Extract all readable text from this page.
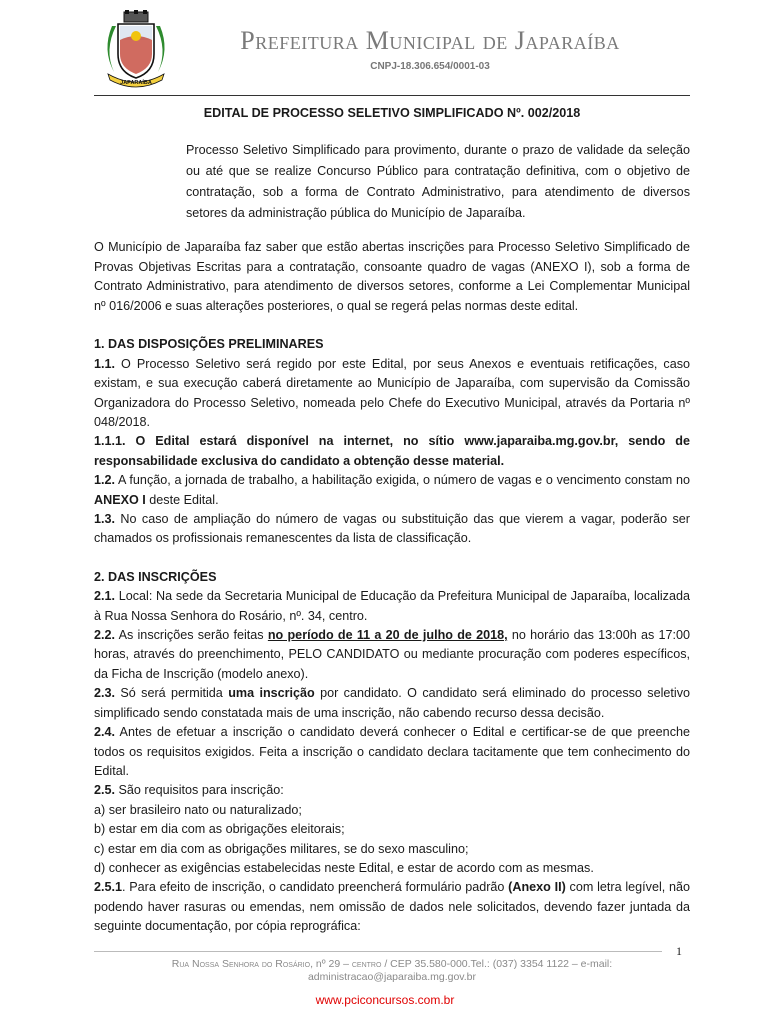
JAPARAÍBA
Prefeitura Municipal de Japaraíba
CNPJ-18.306.654/0001-03
EDITAL DE PROCESSO SELETIVO SIMPLIFICADO Nº. 002/2018
Processo Seletivo Simplificado para provimento, durante o prazo de validade da seleção ou até que se realize Concurso Público para contratação definitiva, com o objetivo de contratação, sob a forma de Contrato Administrativo, para atendimento de diversos setores da administração pública do Município de Japaraíba.
O Município de Japaraíba faz saber que estão abertas inscrições para Processo Seletivo Simplificado de Provas Objetivas Escritas para a contratação, consoante quadro de vagas (ANEXO I), sob a forma de Contrato Administrativo, para atendimento de diversos setores, conforme a Lei Complementar Municipal nº 016/2006 e suas alterações posteriores, o qual se regerá pelas normas deste edital.
1. DAS DISPOSIÇÕES PRELIMINARES

1.1. O Processo Seletivo será regido por este Edital, por seus Anexos e eventuais retificações, caso existam, e sua execução caberá diretamente ao Município de Japaraíba, com supervisão da Comissão Organizadora do Processo Seletivo, nomeada pelo Chefe do Executivo Municipal, através da Portaria nº 048/2018.

1.1.1. O Edital estará disponível na internet, no sítio www.japaraiba.mg.gov.br, sendo de responsabilidade exclusiva do candidato a obtenção desse material.

1.2. A função, a jornada de trabalho, a habilitação exigida, o número de vagas e o vencimento constam no ANEXO I deste Edital.

1.3. No caso de ampliação do número de vagas ou substituição das que vierem a vagar, poderão ser chamados os profissionais remanescentes da lista de classificação.

2. DAS INSCRIÇÕES

2.1. Local: Na sede da Secretaria Municipal de Educação da Prefeitura Municipal de Japaraíba, localizada à Rua Nossa Senhora do Rosário, nº. 34, centro.

2.2. As inscrições serão feitas no período de 11 a 20 de julho de 2018, no horário das 13:00h as 17:00 horas, através do preenchimento, PELO CANDIDATO ou mediante procuração com poderes específicos, da Ficha de Inscrição (modelo anexo).

2.3. Só será permitida uma inscrição por candidato. O candidato será eliminado do processo seletivo simplificado sendo constatada mais de uma inscrição, não cabendo recurso dessa decisão.

2.4. Antes de efetuar a inscrição o candidato deverá conhecer o Edital e certificar-se de que preenche todos os requisitos exigidos. Feita a inscrição o candidato declara tacitamente que tem conhecimento do Edital.

2.5. São requisitos para inscrição:

a) ser brasileiro nato ou naturalizado;

b) estar em dia com as obrigações eleitorais;

c) estar em dia com as obrigações militares, se do sexo masculino;

d) conhecer as exigências estabelecidas neste Edital, e estar de acordo com as mesmas.

2.5.1. Para efeito de inscrição, o candidato preencherá formulário padrão (Anexo II) com letra legível, não podendo haver rasuras ou emendas, nem omissão de dados nele solicitados, devendo fazer juntada da seguinte documentação, por cópia reprográfica:

1
Rua Nossa Senhora do Rosário, nº 29 – centro / CEP 35.580-000.Tel.: (037) 3354 1122 – e-mail:
administracao@japaraiba.mg.gov.br
www.pciconcursos.com.br
